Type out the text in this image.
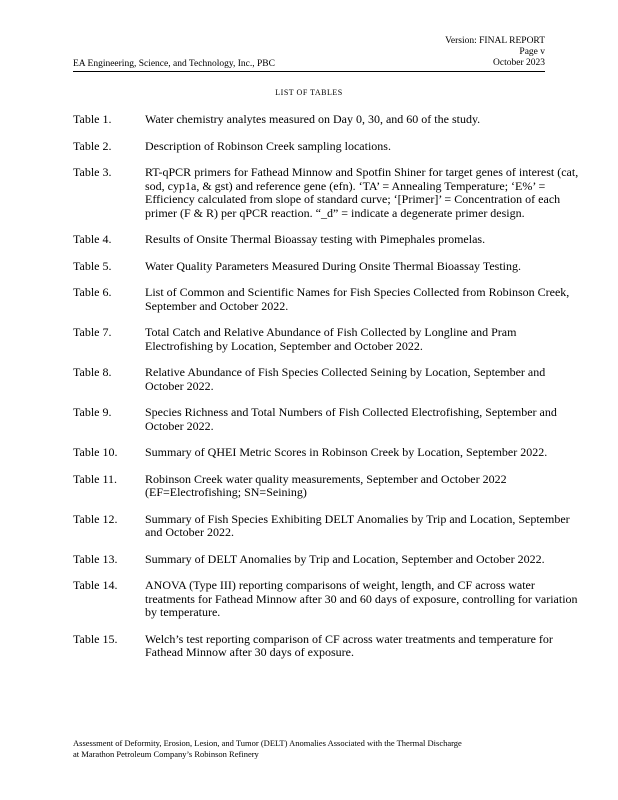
Version: FINAL REPORT
Page v
October 2023
EA Engineering, Science, and Technology, Inc., PBC
LIST OF TABLES
Table 1.	Water chemistry analytes measured on Day 0, 30, and 60 of the study.
Table 2.	Description of Robinson Creek sampling locations.
Table 3.	RT-qPCR primers for Fathead Minnow and Spotfin Shiner for target genes of interest (cat, sod, cyp1a, & gst) and reference gene (efn). ‘TA’ = Annealing Temperature; ‘E%’ = Efficiency calculated from slope of standard curve; ‘[Primer]’ = Concentration of each primer (F & R) per qPCR reaction. “_d” = indicate a degenerate primer design.
Table 4.	Results of Onsite Thermal Bioassay testing with Pimephales promelas.
Table 5.	Water Quality Parameters Measured During Onsite Thermal Bioassay Testing.
Table 6.	List of Common and Scientific Names for Fish Species Collected from Robinson Creek, September and October 2022.
Table 7.	Total Catch and Relative Abundance of Fish Collected by Longline and Pram Electrofishing by Location, September and October 2022.
Table 8.	Relative Abundance of Fish Species Collected Seining by Location, September and October 2022.
Table 9.	Species Richness and Total Numbers of Fish Collected Electrofishing, September and October 2022.
Table 10.	Summary of QHEI Metric Scores in Robinson Creek by Location, September 2022.
Table 11.	Robinson Creek water quality measurements, September and October 2022 (EF=Electrofishing; SN=Seining)
Table 12.	Summary of Fish Species Exhibiting DELT Anomalies by Trip and Location, September and October 2022.
Table 13.	Summary of DELT Anomalies by Trip and Location, September and October 2022.
Table 14.	ANOVA (Type III) reporting comparisons of weight, length, and CF across water treatments for Fathead Minnow after 30 and 60 days of exposure, controlling for variation by temperature.
Table 15.	Welch’s test reporting comparison of CF across water treatments and temperature for Fathead Minnow after 30 days of exposure.
Assessment of Deformity, Erosion, Lesion, and Tumor (DELT) Anomalies Associated with the Thermal Discharge
at Marathon Petroleum Company’s Robinson Refinery
